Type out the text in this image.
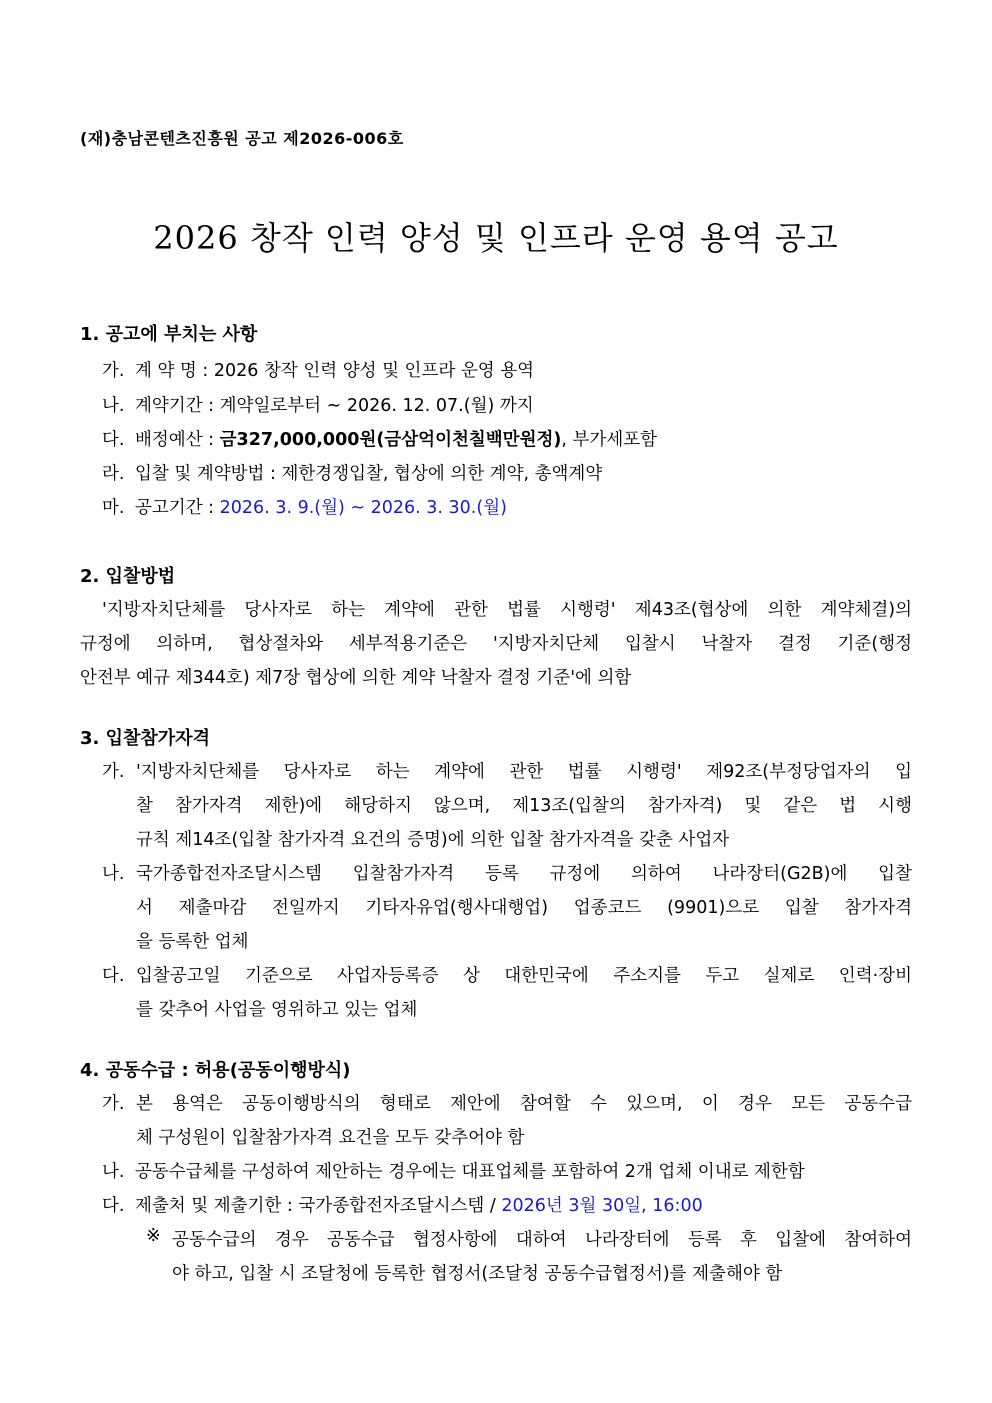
(재)충남콘텐츠진흥원 공고 제2026-006호
2026 창작 인력 양성 및 인프라 운영 용역 공고
1. 공고에 부치는 사항
가. 계 약 명 : 2026 창작 인력 양성 및 인프라 운영 용역
나. 계약기간 : 계약일로부터 ~ 2026. 12. 07.(월) 까지
다. 배정예산 : 금327,000,000원(금삼억이천칠백만원정), 부가세포함
라. 입찰 및 계약방법 : 제한경쟁입찰, 협상에 의한 계약, 총액계약
마. 공고기간 : 2026. 3. 9.(월) ~ 2026. 3. 30.(월)
2. 입찰방법
'지방자치단체를 당사자로 하는 계약에 관한 법률 시행령' 제43조(협상에 의한 계약체결)의
규정에 의하며, 협상절차와 세부적용기준은 '지방자치단체 입찰시 낙찰자 결정 기준(행정
안전부 예규 제344호) 제7장 협상에 의한 계약 낙찰자 결정 기준'에 의함
3. 입찰참가자격
가. '지방자치단체를 당사자로 하는 계약에 관한 법률 시행령' 제92조(부정당업자의 입
찰 참가자격 제한)에 해당하지 않으며, 제13조(입찰의 참가자격) 및 같은 법 시행
규칙 제14조(입찰 참가자격 요건의 증명)에 의한 입찰 참가자격을 갖춘 사업자
나. 국가종합전자조달시스템 입찰참가자격 등록 규정에 의하여 나라장터(G2B)에 입찰
서 제출마감 전일까지 기타자유업(행사대행업) 업종코드 (9901)으로 입찰 참가자격
을 등록한 업체
다. 입찰공고일 기준으로 사업자등록증 상 대한민국에 주소지를 두고 실제로 인력·장비
를 갖추어 사업을 영위하고 있는 업체
4. 공동수급 : 허용(공동이행방식)
가. 본 용역은 공동이행방식의 형태로 제안에 참여할 수 있으며, 이 경우 모든 공동수급
체 구성원이 입찰참가자격 요건을 모두 갖추어야 함
나. 공동수급체를 구성하여 제안하는 경우에는 대표업체를 포함하여 2개 업체 이내로 제한함
다. 제출처 및 제출기한 : 국가종합전자조달시스템 / 2026년 3월 30일, 16:00
※ 공동수급의 경우 공동수급 협정사항에 대하여 나라장터에 등록 후 입찰에 참여하여
야 하고, 입찰 시 조달청에 등록한 협정서(조달청 공동수급협정서)를 제출해야 함
